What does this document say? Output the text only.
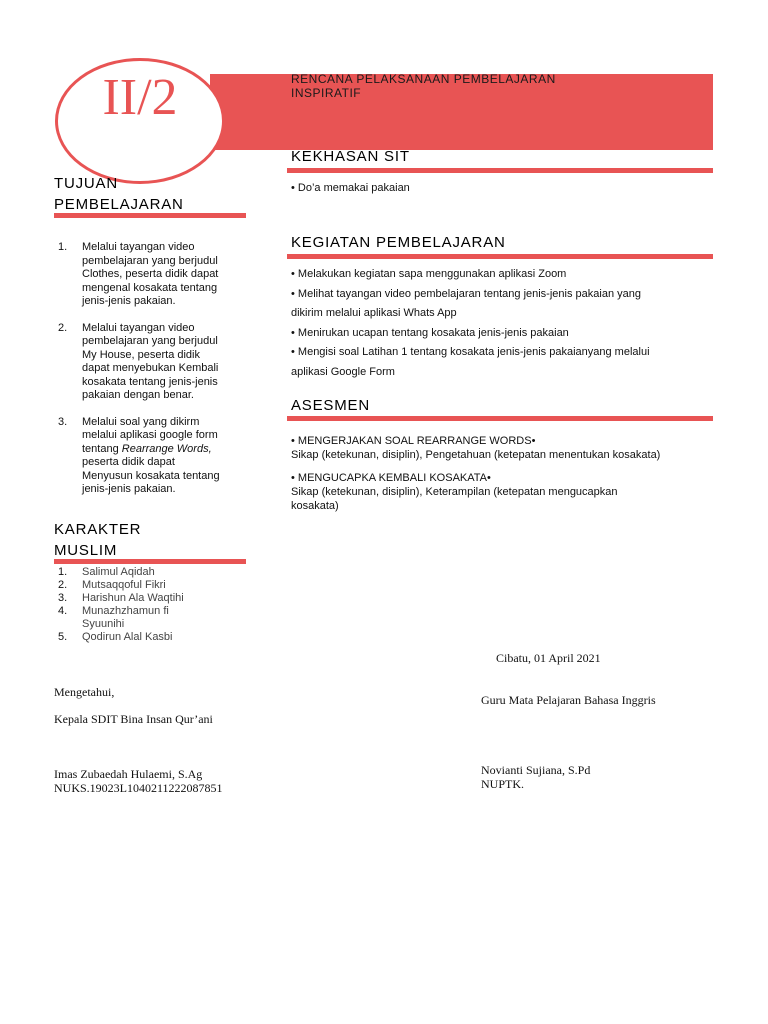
II/2	RENCANA PELAKSANAAN PEMBELAJARAN
INSPIRATIF
TUJUAN
PEMBELAJARAN
1. Melalui tayangan video
pembelajaran yang berjudul
Clothes, peserta didik dapat
mengenal kosakata tentang
jenis-jenis pakaian.
2. Melalui tayangan video
pembelajaran yang berjudul
My House, peserta didik
dapat menyebukan Kembali
kosakata tentang jenis-jenis
pakaian dengan benar.
3. Melalui soal yang dikirm
melalui aplikasi google form
tentang Rearrange Words,
peserta didik dapat
Menyusun kosakata tentang
jenis-jenis pakaian.
KARAKTER
MUSLIM
1. Salimul Aqidah
2. Mutsaqqoful Fikri
3. Harishun Ala Waqtihi
4. Munazhzhamun fi
Syuunihi
5. Qodirun Alal Kasbi
KEKHASAN SIT
• Do’a memakai pakaian
KEGIATAN PEMBELAJARAN
• Melakukan kegiatan sapa menggunakan aplikasi Zoom
• Melihat tayangan video pembelajaran tentang jenis-jenis pakaian yang
dikirim melalui aplikasi Whats App
• Menirukan ucapan tentang kosakata jenis-jenis pakaian
• Mengisi soal Latihan 1 tentang kosakata jenis-jenis pakaianyang melalui
aplikasi Google Form
ASESMEN
• MENGERJAKAN SOAL REARRANGE WORDS•
Sikap (ketekunan, disiplin), Pengetahuan (ketepatan menentukan kosakata)
• MENGUCAPKA KEMBALI KOSAKATA•
Sikap (ketekunan, disiplin), Keterampilan (ketepatan mengucapkan
kosakata)
Cibatu, 01 April 2021
Mengetahui,
Kepala SDIT Bina Insan Qur’ani
Guru Mata Pelajaran Bahasa Inggris
Imas Zubaedah Hulaemi, S.Ag
NUKS.19023L1040211222087851
Novianti Sujiana, S.Pd
NUPTK.
